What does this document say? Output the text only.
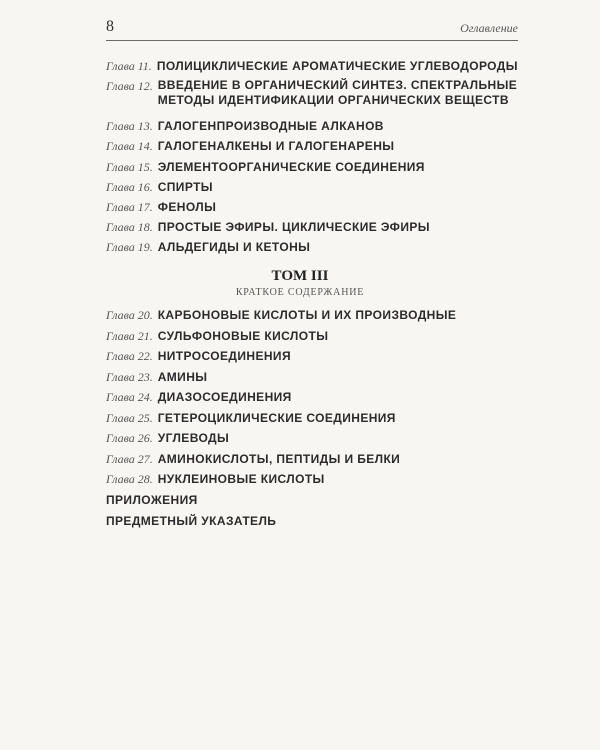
8	Оглавление
Глава 11. ПОЛИЦИКЛИЧЕСКИЕ АРОМАТИЧЕСКИЕ УГЛЕВОДОРОДЫ
Глава 12. ВВЕДЕНИЕ В ОРГАНИЧЕСКИЙ СИНТЕЗ. СПЕКТРАЛЬНЫЕ МЕТОДЫ ИДЕНТИФИКАЦИИ ОРГАНИЧЕСКИХ ВЕЩЕСТВ
Глава 13. ГАЛОГЕНПРОИЗВОДНЫЕ АЛКАНОВ
Глава 14. ГАЛОГЕНАЛКЕНЫ И ГАЛОГЕНАРЕНЫ
Глава 15. ЭЛЕМЕНТООРГАНИЧЕСКИЕ СОЕДИНЕНИЯ
Глава 16. СПИРТЫ
Глава 17. ФЕНОЛЫ
Глава 18. ПРОСТЫЕ ЭФИРЫ. ЦИКЛИЧЕСКИЕ ЭФИРЫ
Глава 19. АЛЬДЕГИДЫ И КЕТОНЫ
ТОМ III
КРАТКОЕ СОДЕРЖАНИЕ
Глава 20. КАРБОНОВЫЕ КИСЛОТЫ И ИХ ПРОИЗВОДНЫЕ
Глава 21. СУЛЬФОНОВЫЕ КИСЛОТЫ
Глава 22. НИТРОСОЕДИНЕНИЯ
Глава 23. АМИНЫ
Глава 24. ДИАЗОСОЕДИНЕНИЯ
Глава 25. ГЕТЕРОЦИКЛИЧЕСКИЕ СОЕДИНЕНИЯ
Глава 26. УГЛЕВОДЫ
Глава 27. АМИНОКИСЛОТЫ, ПЕПТИДЫ И БЕЛКИ
Глава 28. НУКЛЕИНОВЫЕ КИСЛОТЫ
ПРИЛОЖЕНИЯ
ПРЕДМЕТНЫЙ УКАЗАТЕЛЬ
